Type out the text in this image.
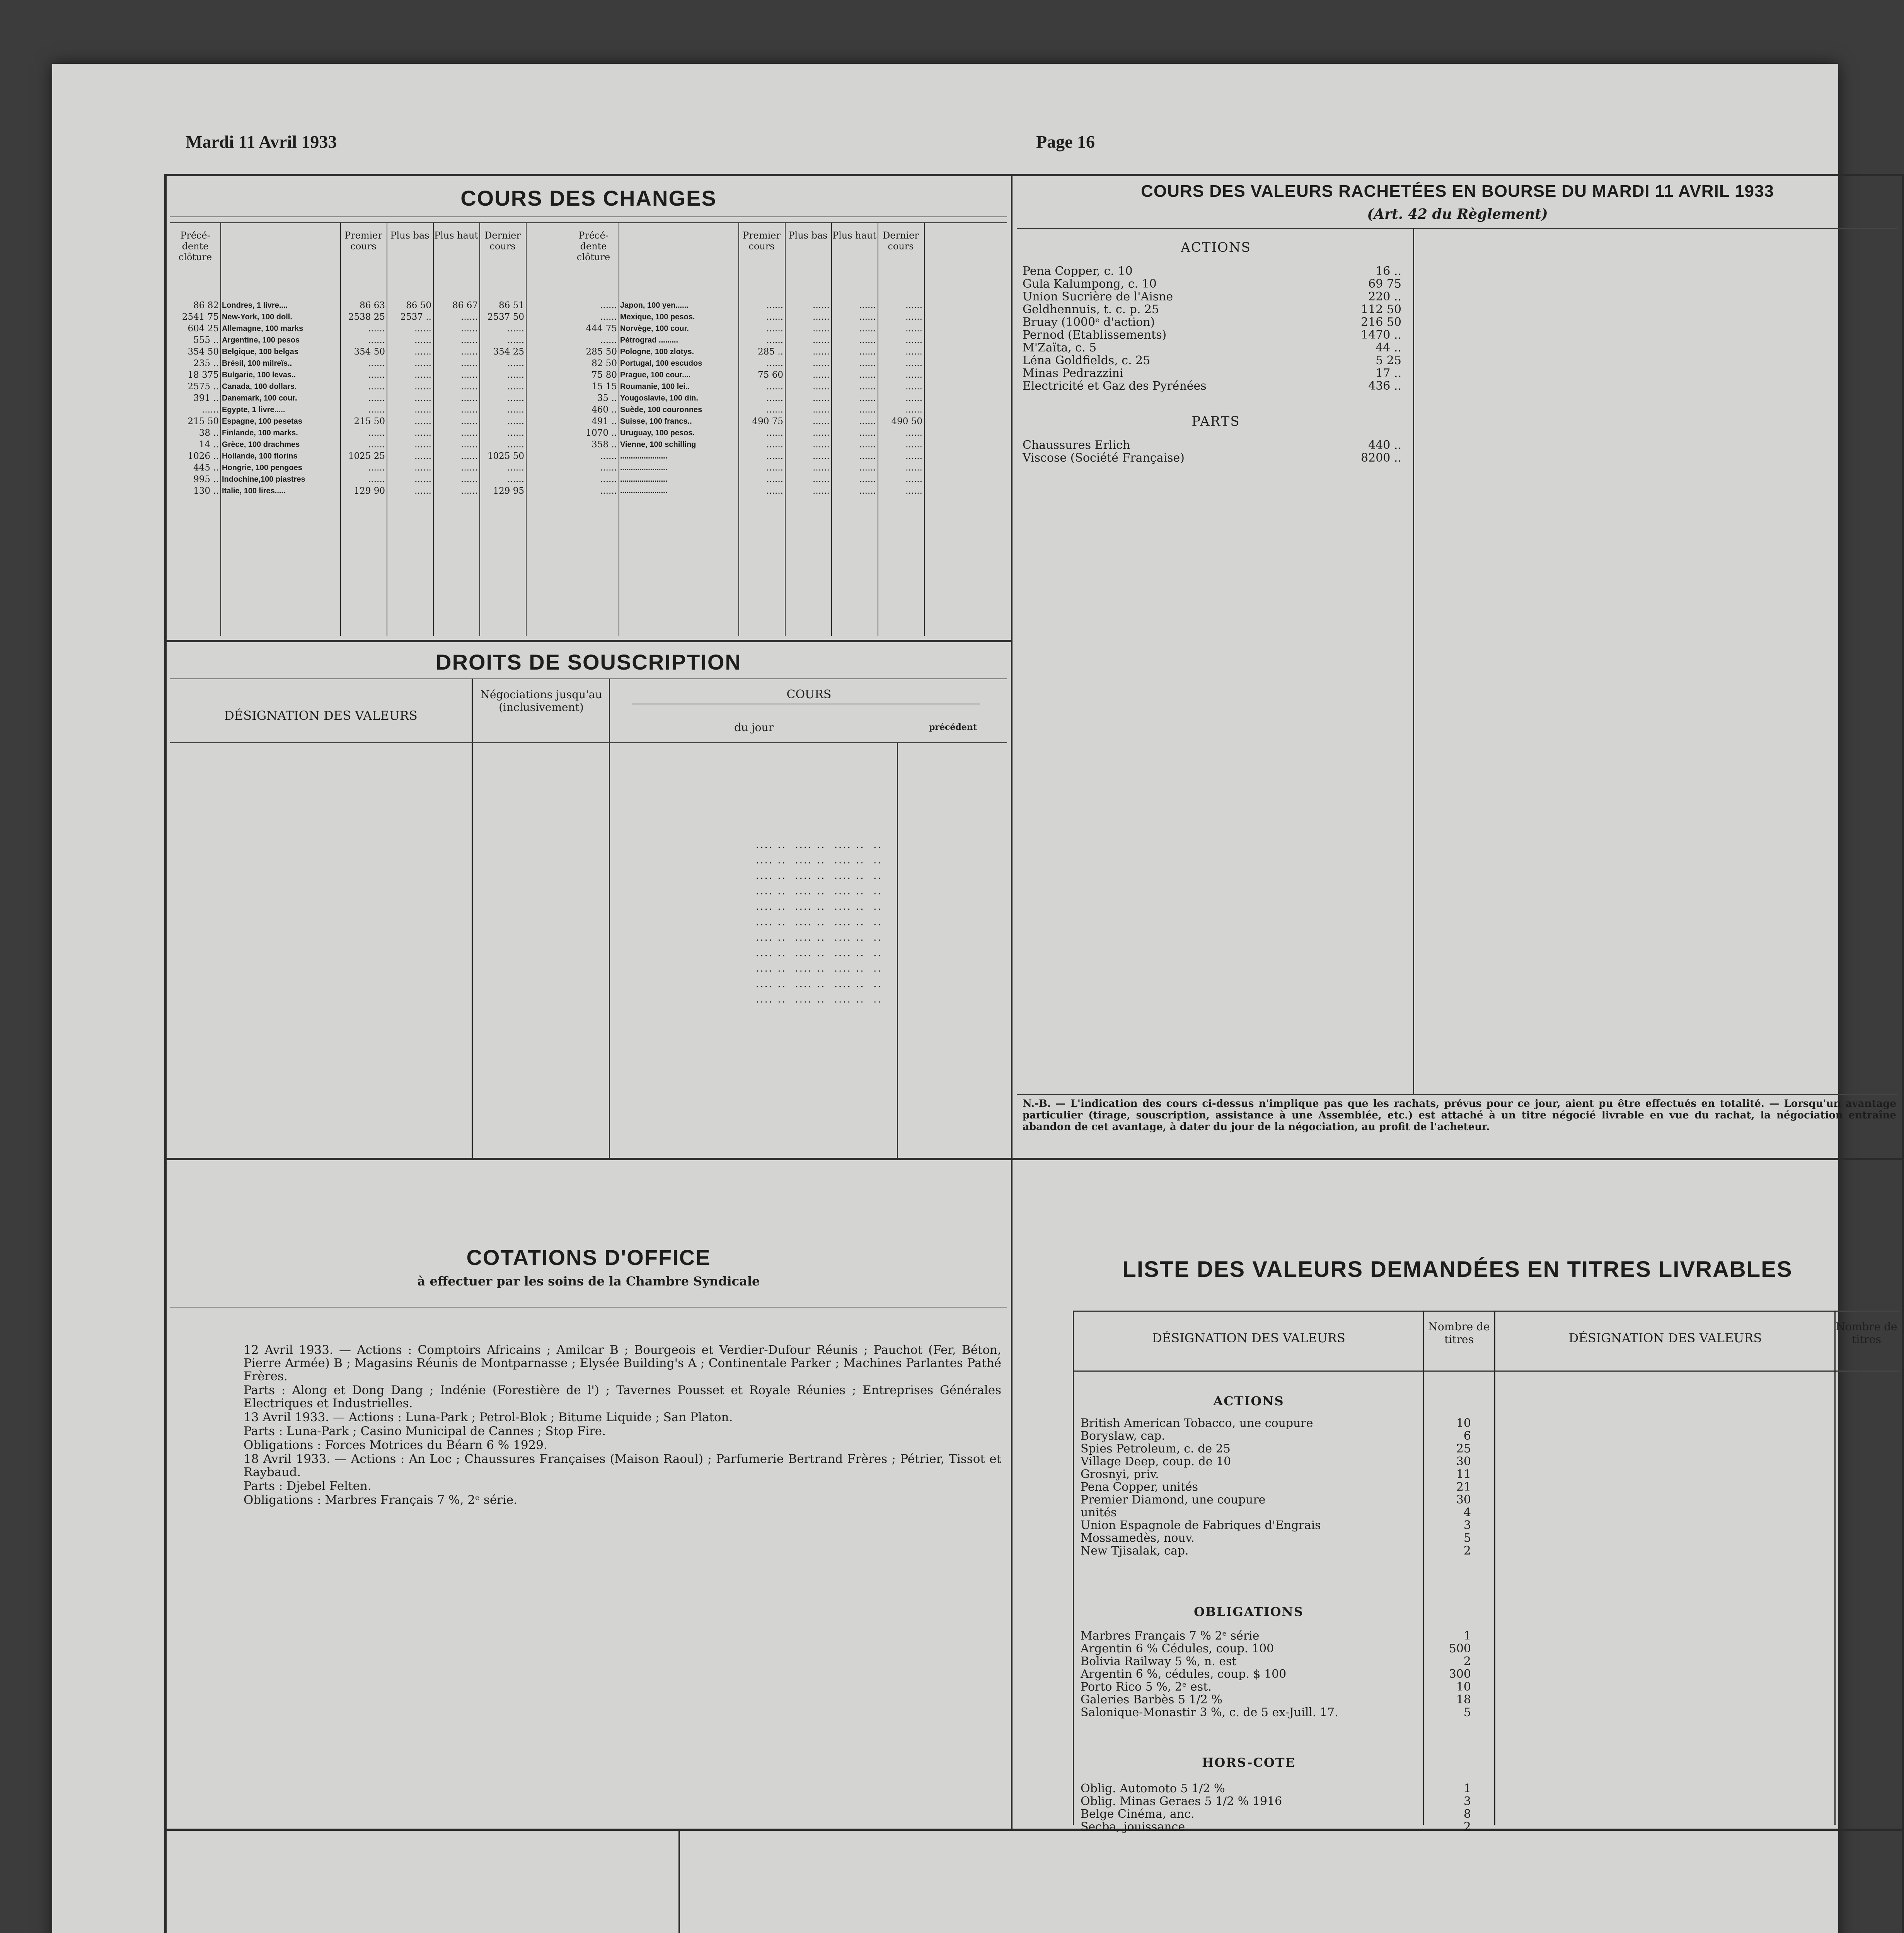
Mardi 11 Avril 1933	Page 16
COURS DES CHANGES
Précé-dente clôture
Premier cours
Plus bas Plus haut Dernier cours
Précé-dente clôture
Premier cours
Plus bas Plus haut Dernier cours
86 82 Londres, 1 livre....	86 63	86 50	86 67	86 51
2541 75 New-York, 100 doll.	2538 25	2537 ..	......	2537 50
604 25 Allemagne, 100 marks	......	......	......	......
555 .. Argentine, 100 pesos	......	......	......	......
354 50 Belgique, 100 belgas	354 50	......	......	354 25
235 .. Brésil, 100 milreïs..	......	......	......	......
18 375 Bulgarie, 100 levas..	......	......	......	......
2575 .. Canada, 100 dollars.	......	......	......	......
391 .. Danemark, 100 cour.	......	......	......	......
...... Egypte, 1 livre.....	......	......	......	......
215 50 Espagne, 100 pesetas	215 50	......	......	......
38 .. Finlande, 100 marks.	......	......	......	......
14 .. Grèce, 100 drachmes	......	......	......	......
1026 .. Hollande, 100 florins	1025 25	......	......	1025 50
445 .. Hongrie, 100 pengoes	......	......	......	......
995 .. Indochine,100 piastres	......	......	......	......
130 .. Italie, 100 lires.....	129 90	......	......	129 95
...... Japon, 100 yen......	......	......	......	......
...... Mexique, 100 pesos.	......	......	......	......
444 75 Norvège, 100 cour.	......	......	......	......
...... Pétrograd .........	......	......	......	......
285 50 Pologne, 100 zlotys.	285 ..	......	......	......
82 50 Portugal, 100 escudos	......	......	......	......
75 80 Prague, 100 cour....	75 60	......	......	......
15 15 Roumanie, 100 lei..	......	......	......	......
35 .. Yougoslavie, 100 din.	......	......	......	......
460 .. Suède, 100 couronnes	......	......	......	......
491 .. Suisse, 100 francs..	490 75	......	......	490 50
1070 .. Uruguay, 100 pesos.	......	......	......	......
358 .. Vienne, 100 schilling	......	......	......	......
...... ......................	......	......	......	......
...... ......................	......	......	......	......
...... ......................	......	......	......	......
...... ......................	......	......	......	......
COURS DES VALEURS RACHETÉES EN BOURSE DU MARDI 11 AVRIL 1933
(Art. 42 du Règlement)
ACTIONS
Pena Copper, c. 10	16 ..
Gula Kalumpong, c. 10	69 75
Union Sucrière de l'Aisne	220 ..
Geldhennuis, t. c. p. 25	112 50
Bruay (1000ᵉ d'action)	216 50
Pernod (Etablissements)	1470 ..
M'Zaïta, c. 5	44 ..
Léna Goldfields, c. 25	5 25
Minas Pedrazzini	17 ..
Electricité et Gaz des Pyrénées	436 ..
PARTS
Chaussures Erlich	440 ..
Viscose (Société Française)	8200 ..
N.-B. — L'indication des cours ci-dessus n'implique pas que les rachats, prévus pour ce jour, aient pu être effectués en totalité. — Lorsqu'un avantage particulier (tirage, souscription, assistance à une Assemblée, etc.) est attaché à un titre négocié livrable en vue du rachat, la négociation entraîne abandon de cet avantage, à dater du jour de la négociation, au profit de l'acheteur.
DROITS DE SOUSCRIPTION
DÉSIGNATION DES VALEURS
Négociations jusqu'au (inclusivement)
COURS
du jour	précédent
.... ..  .... ..  .... ..  ..
.... ..  .... ..  .... ..  ..
.... ..  .... ..  .... ..  ..
.... ..  .... ..  .... ..  ..
.... ..  .... ..  .... ..  ..
.... ..  .... ..  .... ..  ..
.... ..  .... ..  .... ..  ..
.... ..  .... ..  .... ..  ..
.... ..  .... ..  .... ..  ..
.... ..  .... ..  .... ..  ..
.... ..  .... ..  .... ..  ..
COTATIONS D'OFFICE
à effectuer par les soins de la Chambre Syndicale
12 Avril 1933. — Actions : Comptoirs Africains ; Amilcar B ; Bourgeois et Verdier-Dufour Réunis ; Pauchot (Fer, Béton, Pierre Armée) B ; Magasins Réunis de Montparnasse ; Elysée Building's A ; Continentale Parker ; Machines Parlantes Pathé Frères.
Parts : Along et Dong Dang ; Indénie (Forestière de l') ; Tavernes Pousset et Royale Réunies ; Entreprises Générales Electriques et Industrielles.
13 Avril 1933. — Actions : Luna-Park ; Petrol-Blok ; Bitume Liquide ; San Platon.
Parts : Luna-Park ; Casino Municipal de Cannes ; Stop Fire.
Obligations : Forces Motrices du Béarn 6 % 1929.
18 Avril 1933. — Actions : An Loc ; Chaussures Françaises (Maison Raoul) ; Parfumerie Bertrand Frères ; Pétrier, Tissot et Raybaud.
Parts : Djebel Felten.
Obligations : Marbres Français 7 %, 2ᵉ série.
LISTE DES VALEURS DEMANDÉES EN TITRES LIVRABLES
DÉSIGNATION DES VALEURS
Nombre de titres	DÉSIGNATION DES VALEURS
Nombre de titres
ACTIONS
British American Tobacco, une coupure	10
Boryslaw, cap.	6
Spies Petroleum, c. de 25	25
Village Deep, coup. de 10	30
Grosnyi, priv.	11
Pena Copper, unités	21
Premier Diamond, une coupure	30
unités	4
Union Espagnole de Fabriques d'Engrais	3
Mossamedès, nouv.	5
New Tjisalak, cap.	2
OBLIGATIONS
Marbres Français 7 % 2ᵉ série	1
Argentin 6 % Cédules, coup. 100	500
Bolivia Railway 5 %, n. est	2
Argentin 6 %, cédules, coup. $ 100	300
Porto Rico 5 %, 2ᵉ est.	10
Galeries Barbès 5 1/2 %	18
Salonique-Monastir 3 %, c. de 5 ex-Juill. 17.	5
HORS-COTE
Oblig. Automoto 5 1/2 %	1
Oblig. Minas Geraes 5 1/2 % 1916	3
Belge Cinéma, anc.	8
Secba, jouissance	2
